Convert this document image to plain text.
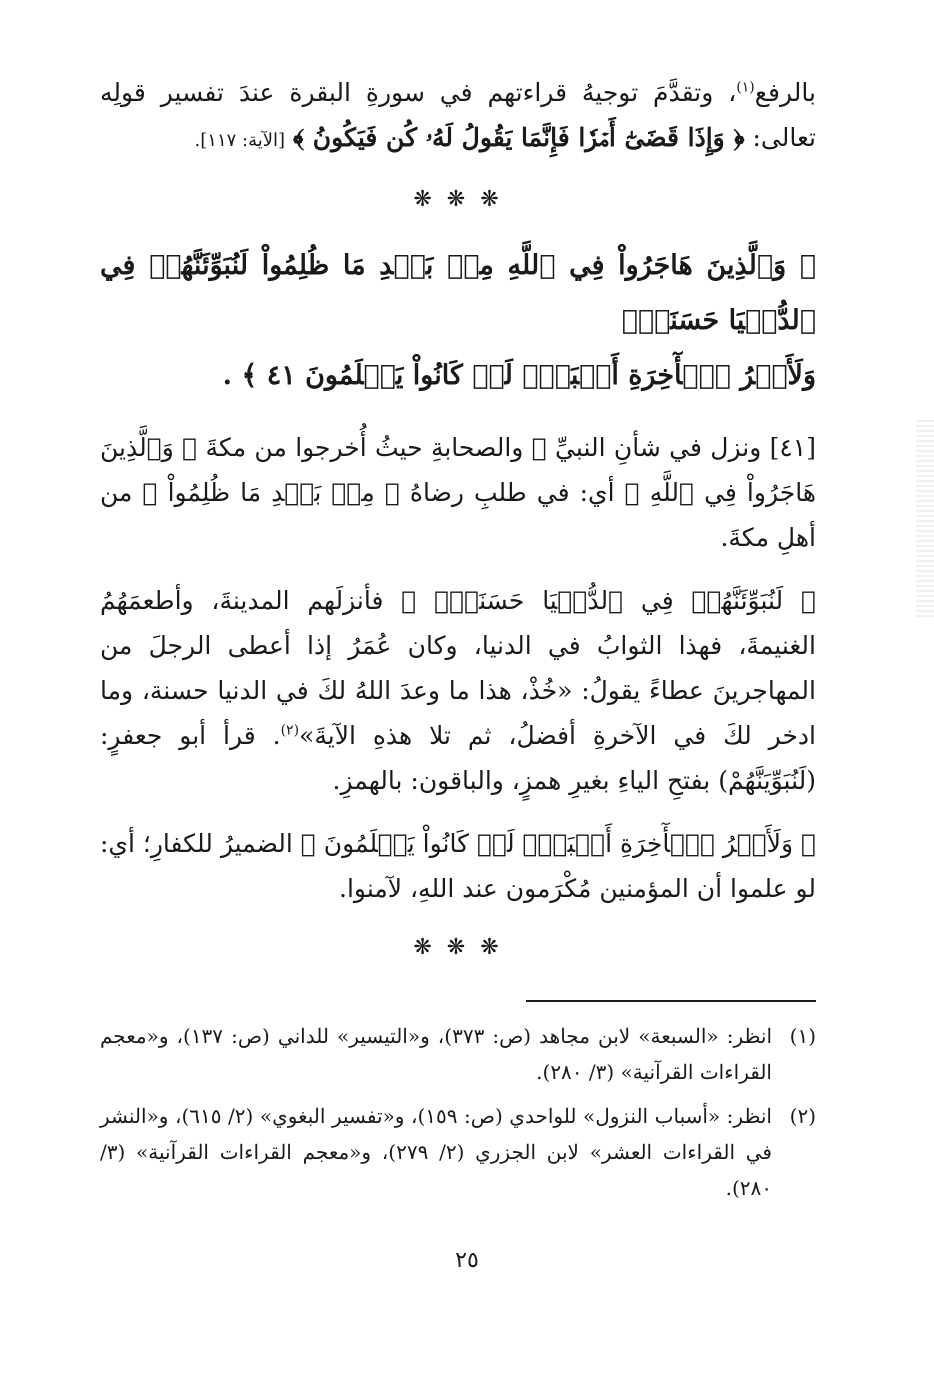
بالرفع$^{(١)}$، وتقدَّمَ توجيهُ قراءتهم في سورةِ البقرة عندَ تفسير قولِه تعالى: ﴿ وَإِذَا قَضَىٰٓ أَمۡرٗا فَإِنَّمَا يَقُولُ لَهُۥ كُن فَيَكُونُ ﴾ [الآية: ١١٧].

❋ ❋ ❋
﴿ وَٱلَّذِينَ هَاجَرُواْ فِي ٱللَّهِ مِنۢ بَعۡدِ مَا ظُلِمُواْ لَنُبَوِّئَنَّهُمۡ فِي ٱلدُّنۡيَا حَسَنَةٗۖ
وَلَأَجۡرُ ٱلۡأٓخِرَةِ أَكۡبَرُۚ لَوۡ كَانُواْ يَعۡلَمُونَ ٤١ ﴾ .

[٤١] ونزل في شأنِ النبيِّ ﷺ والصحابةِ حيثُ أُخرجوا من مكةَ ﴿ وَٱلَّذِينَ هَاجَرُواْ فِي ٱللَّهِ ﴾ أي: في طلبِ رضاهُ ﴿ مِنۢ بَعۡدِ مَا ظُلِمُواْ ﴾ من أهلِ مكةَ.

﴿ لَنُبَوِّئَنَّهُمۡ فِي ٱلدُّنۡيَا حَسَنَةٗۖ ﴾ فأنزلَهم المدينةَ، وأطعمَهُمُ الغنيمةَ، فهذا الثوابُ في الدنيا، وكان عُمَرُ إذا أعطى الرجلَ من المهاجرينَ عطاءً يقولُ: «خُذْ، هذا ما وعدَ اللهُ لكَ في الدنيا حسنة، وما ادخر لكَ في الآخرةِ أفضلُ، ثم تلا هذهِ الآيةَ»$^{(٢)}$. قرأ أبو جعفرٍ: (لَنُبَوِّيَنَّهُمْ) بفتحِ الياءِ بغيرِ همزٍ، والباقون: بالهمزِ.

﴿ وَلَأَجۡرُ ٱلۡأٓخِرَةِ أَكۡبَرُۚ لَوۡ كَانُواْ يَعۡلَمُونَ ﴾ الضميرُ للكفارِ؛ أي: لو علموا أن المؤمنين مُكْرَمون عند اللهِ، لآمنوا.

❋ ❋ ❋
(١)
انظر: «السبعة» لابن مجاهد (ص: ٣٧٣)، و«التيسير» للداني (ص: ١٣٧)، و«معجم القراءات القرآنية» (٣/ ٢٨٠).
(٢)
انظر: «أسباب النزول» للواحدي (ص: ١٥٩)، و«تفسير البغوي» (٢/ ٦١٥)، و«النشر في القراءات العشر» لابن الجزري (٢/ ٢٧٩)، و«معجم القراءات القرآنية» (٣/ ٢٨٠).
٢٥
